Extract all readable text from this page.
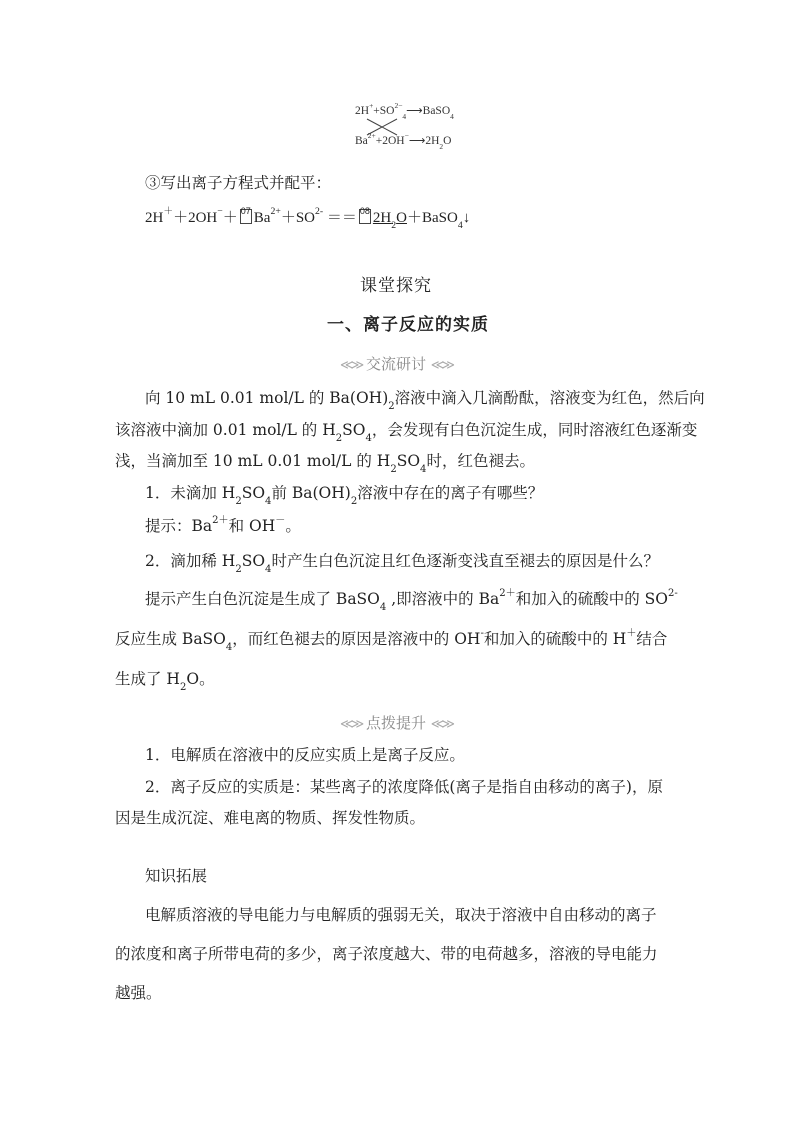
$2H^++SO^{2-}_4⟶BaSO_4$
$Ba^{2+}+2OH^-⟶2H_2O$
③写出离子方程式并配平：
2H＋＋2OH−＋ 07 $Ba^{2+}+SO^{2-} == 08$ $2H_2O+BaSO_4↓$
课堂探究
一、离子反应的实质
≪≫ 交流研讨 ≪≫
向 10 mL 0.01 mol/L 的 $Ba(OH)_2$溶液中滴入几滴酚酞，溶液变为红色，然后向
该溶液中滴加 0.01 mol/L 的 $H_2SO_4$，会发现有白色沉淀生成，同时溶液红色逐渐变
浅，当滴加至 10 mL 0.01 mol/L 的 $H_2SO_4$时，红色褪去。
1．未滴加 $H_2SO_4$前 $Ba(OH)_2$溶液中存在的离子有哪些？
提示：$Ba^{2+}$和 OH－。
2．滴加稀 $H_2SO_4$时产生白色沉淀且红色逐渐变浅直至褪去的原因是什么？
提示产生白色沉淀是生成了 BaSO$_4$ ,即溶液中的 $Ba^{2+}$和加入的硫酸中的 $SO^{2-}$
反应生成 BaSO$_4$，而红色褪去的原因是溶液中的 OH-和加入的硫酸中的 H＋结合
生成了 $H_2O$。
≪≫ 点拨提升 ≪≫
1．电解质在溶液中的反应实质上是离子反应。
2．离子反应的实质是：某些离子的浓度降低(离子是指自由移动的离子)，原
因是生成沉淀、难电离的物质、挥发性物质。
知识拓展
电解质溶液的导电能力与电解质的强弱无关，取决于溶液中自由移动的离子
的浓度和离子所带电荷的多少，离子浓度越大、带的电荷越多，溶液的导电能力
越强。
